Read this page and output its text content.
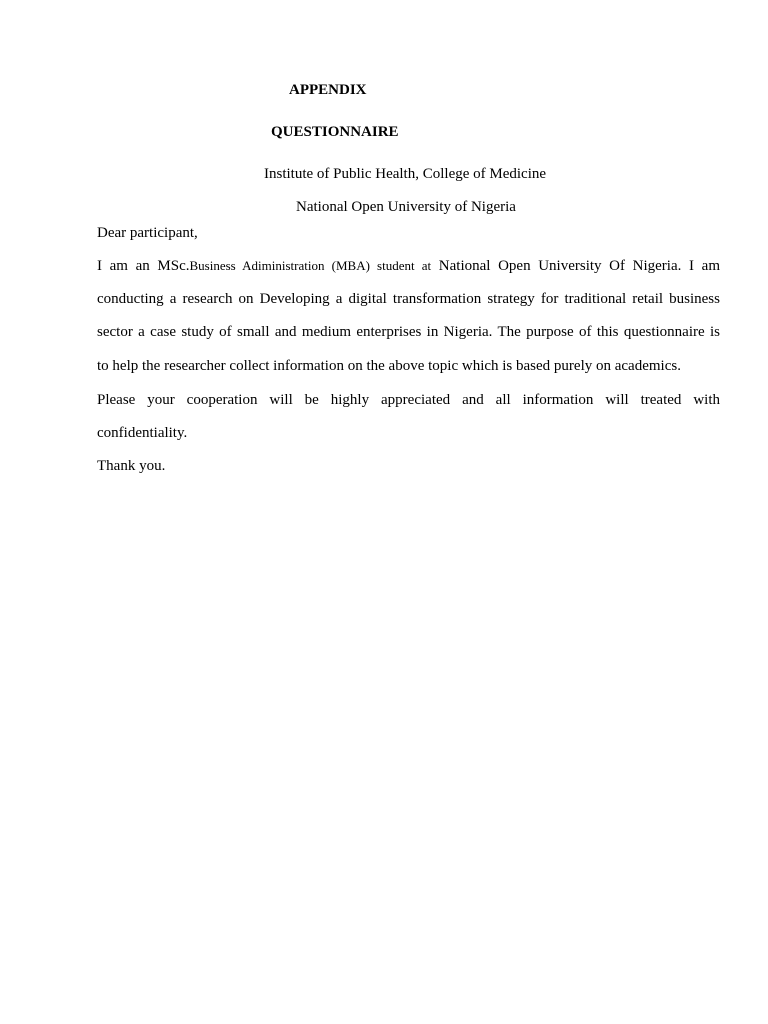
APPENDIX
QUESTIONNAIRE
Institute of Public Health, College of Medicine
National Open University of Nigeria
Dear participant,
I am an MSc.Business Adiministration (MBA) student at National Open University Of Nigeria. I am
conducting a research on Developing a digital transformation strategy for traditional retail business
sector a case study of small and medium enterprises in Nigeria. The purpose of this questionnaire is
to help the researcher collect information on the above topic which is based purely on academics.
Please your cooperation will be highly appreciated and all information will treated with
confidentiality.
Thank you.
